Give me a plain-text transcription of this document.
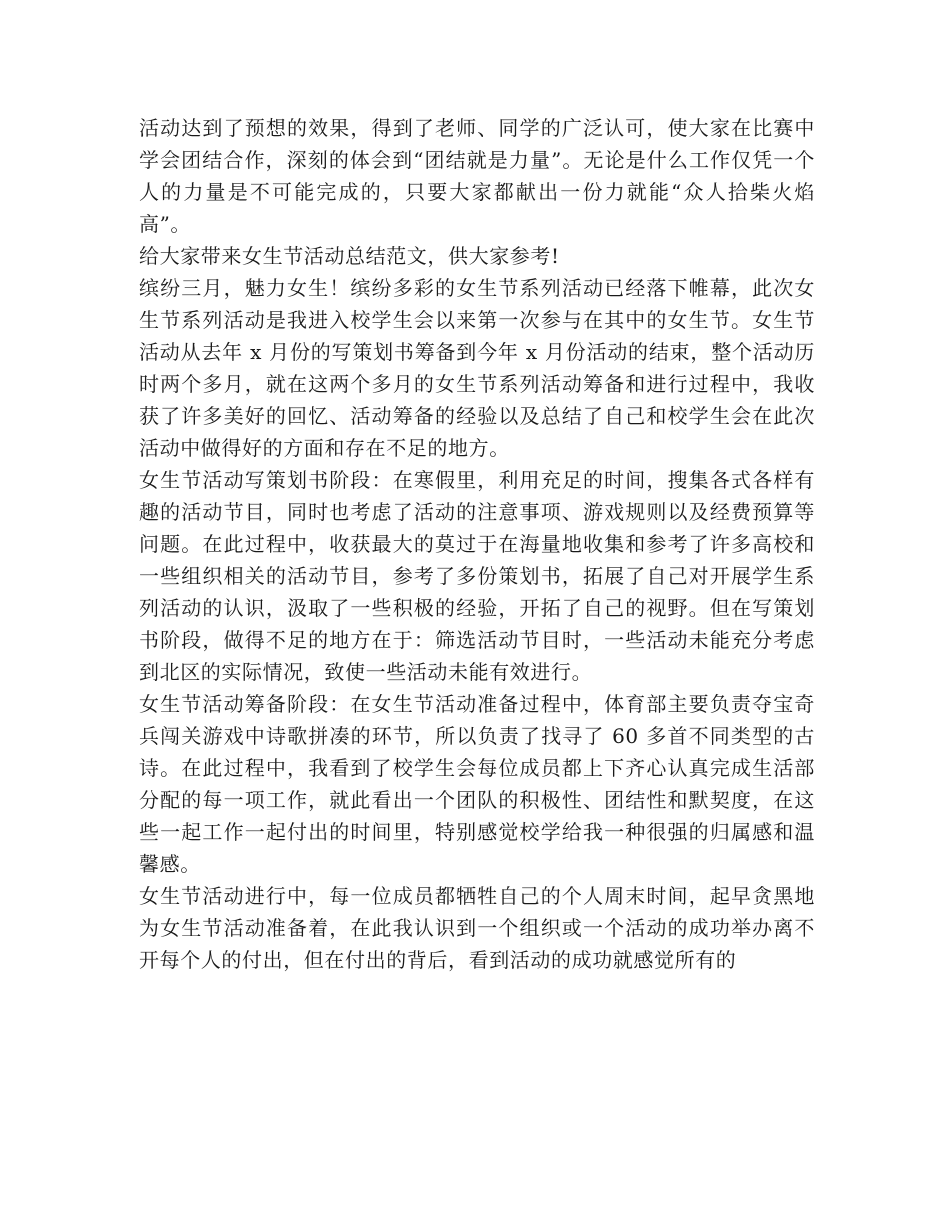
活动达到了预想的效果，得到了老师、同学的广泛认可，使大家在比赛中学会团结合作，深刻的体会到“团结就是力量”。无论是什么工作仅凭一个人的力量是不可能完成的，只要大家都献出一份力就能“众人拾柴火焰高”。

给大家带来女生节活动总结范文，供大家参考!

缤纷三月，魅力女生！缤纷多彩的女生节系列活动已经落下帷幕，此次女生节系列活动是我进入校学生会以来第一次参与在其中的女生节。女生节活动从去年 x 月份的写策划书筹备到今年 x 月份活动的结束，整个活动历时两个多月，就在这两个多月的女生节系列活动筹备和进行过程中，我收获了许多美好的回忆、活动筹备的经验以及总结了自己和校学生会在此次活动中做得好的方面和存在不足的地方。

女生节活动写策划书阶段：在寒假里，利用充足的时间，搜集各式各样有趣的活动节目，同时也考虑了活动的注意事项、游戏规则以及经费预算等问题。在此过程中，收获最大的莫过于在海量地收集和参考了许多高校和一些组织相关的活动节目，参考了多份策划书，拓展了自己对开展学生系列活动的认识，汲取了一些积极的经验，开拓了自己的视野。但在写策划书阶段，做得不足的地方在于：筛选活动节目时，一些活动未能充分考虑到北区的实际情况，致使一些活动未能有效进行。

女生节活动筹备阶段：在女生节活动准备过程中，体育部主要负责夺宝奇兵闯关游戏中诗歌拼凑的环节，所以负责了找寻了 60 多首不同类型的古诗。在此过程中，我看到了校学生会每位成员都上下齐心认真完成生活部分配的每一项工作，就此看出一个团队的积极性、团结性和默契度，在这些一起工作一起付出的时间里，特别感觉校学给我一种很强的归属感和温馨感。

女生节活动进行中，每一位成员都牺牲自己的个人周末时间，起早贪黑地为女生节活动准备着，在此我认识到一个组织或一个活动的成功举办离不开每个人的付出，但在付出的背后，看到活动的成功就感觉所有的
